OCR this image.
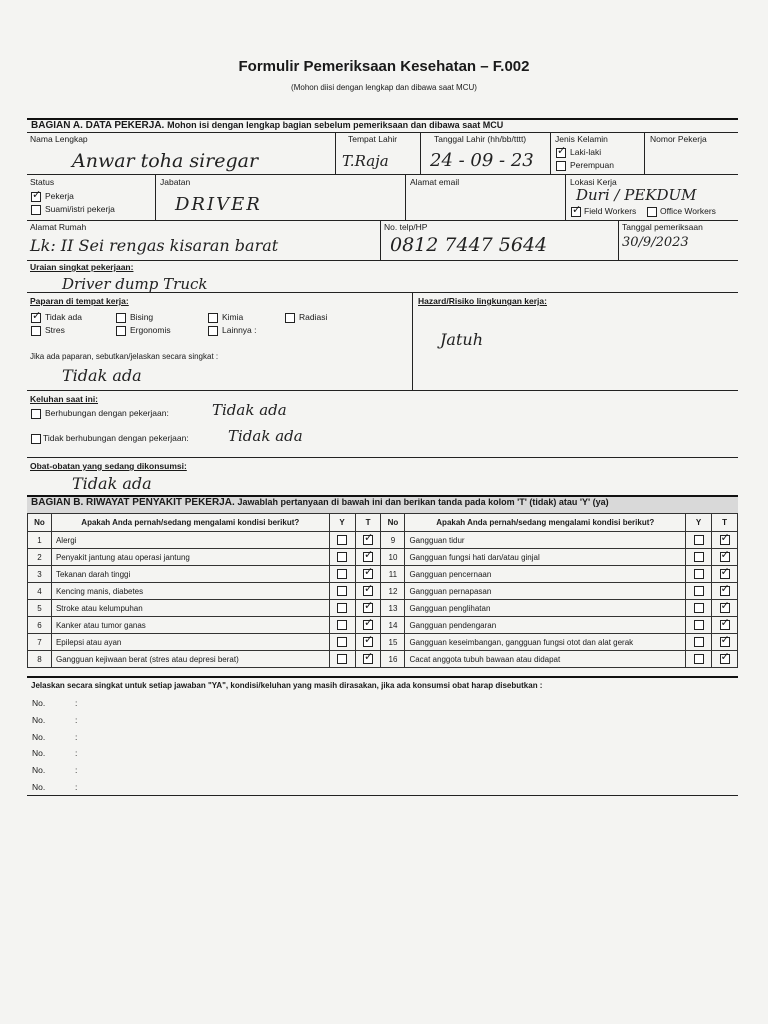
Formulir Pemeriksaan Kesehatan – F.002
(Mohon diisi dengan lengkap dan dibawa saat MCU)
BAGIAN A. DATA PEKERJA. Mohon isi dengan lengkap bagian sebelum pemeriksaan dan dibawa saat MCU
Nama Lengkap
Anwar toha siregar
Tempat Lahir
T.Raja
Tanggal Lahir (hh/bb/tttt)
24 - 09 - 23
Jenis Kelamin
✓
Laki-laki
Perempuan
Nomor Pekerja
Status
✓
Pekerja
Suami/istri pekerja
Jabatan
DRIVER
Alamat email	Lokasi Kerja
Duri / PEKDUM
✓
Field Workers	Office Workers
Alamat Rumah
Lk: II Sei rengas kisaran barat
No. telp/HP
0812 7447 5644
Tanggal pemeriksaan
30/9/2023
Uraian singkat pekerjaan:
Driver dump Truck
Paparan di tempat kerja:
✓
Tidak ada	Bising	Kimia	Radiasi
Stres	Ergonomis	Lainnya :
Jika ada paparan, sebutkan/jelaskan secara singkat :
Tidak ada
Hazard/Risiko lingkungan kerja:
Jatuh
Keluhan saat ini:
Berhubungan dengan pekerjaan:	Tidak ada
Tidak berhubungan dengan pekerjaan:	Tidak ada
Obat-obatan yang sedang dikonsumsi:
Tidak ada
BAGIAN B. RIWAYAT PENYAKIT PEKERJA. Jawablah pertanyaan di bawah ini dan berikan tanda pada kolom 'T' (tidak) atau 'Y' (ya)
No	Apakah Anda pernah/sedang mengalami kondisi berikut?	Y	T	No	Apakah Anda pernah/sedang mengalami kondisi berikut?	Y	T
1	Alergi		✓	9	Gangguan tidur		✓
2	Penyakit jantung atau operasi jantung		✓	10	Gangguan fungsi hati dan/atau ginjal		✓
3	Tekanan darah tinggi		✓	11	Gangguan pencernaan		✓
4	Kencing manis, diabetes		✓	12	Gangguan pernapasan		✓
5	Stroke atau kelumpuhan		✓	13	Gangguan penglihatan		✓
6	Kanker atau tumor ganas		✓	14	Gangguan pendengaran		✓
7	Epilepsi atau ayan		✓	15	Gangguan keseimbangan, gangguan fungsi otot dan alat gerak		✓
8	Gangguan kejiwaan berat (stres atau depresi berat)		✓	16	Cacat anggota tubuh bawaan atau didapat		✓
Jelaskan secara singkat untuk setiap jawaban "YA", kondisi/keluhan yang masih dirasakan, jika ada konsumsi obat harap disebutkan :
No.	:
No.	:
No.	:
No.	:
No.	:
No.	:
